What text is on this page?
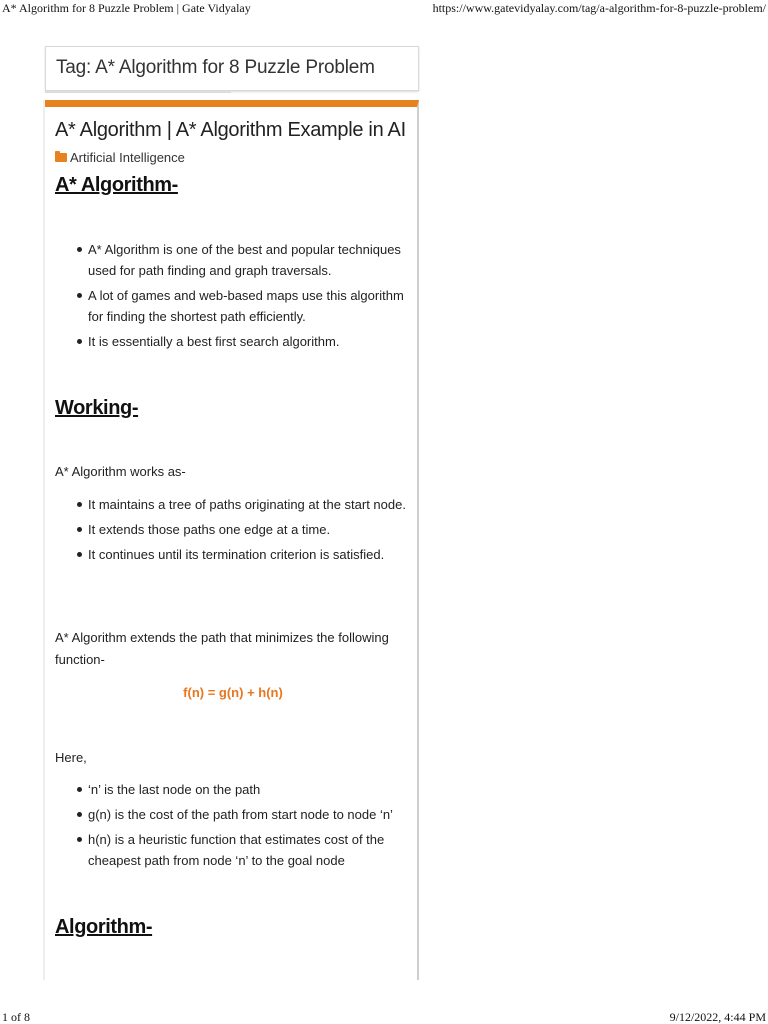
A* Algorithm for 8 Puzzle Problem | Gate Vidyalay	https://www.gatevidyalay.com/tag/a-algorithm-for-8-puzzle-problem/
Tag: A* Algorithm for 8 Puzzle Problem
A* Algorithm | A* Algorithm Example in AI
Artificial Intelligence
A* Algorithm-
A* Algorithm is one of the best and popular techniques used for path finding and graph traversals.
A lot of games and web-based maps use this algorithm for finding the shortest path efficiently.
It is essentially a best first search algorithm.
Working-
A* Algorithm works as-
It maintains a tree of paths originating at the start node.
It extends those paths one edge at a time.
It continues until its termination criterion is satisfied.
A* Algorithm extends the path that minimizes the following function-
f(n) = g(n) + h(n)
Here,
‘n’ is the last node on the path
g(n) is the cost of the path from start node to node ‘n’
h(n) is a heuristic function that estimates cost of the cheapest path from node ‘n’ to the goal node
Algorithm-
1 of 8	9/12/2022, 4:44 PM
